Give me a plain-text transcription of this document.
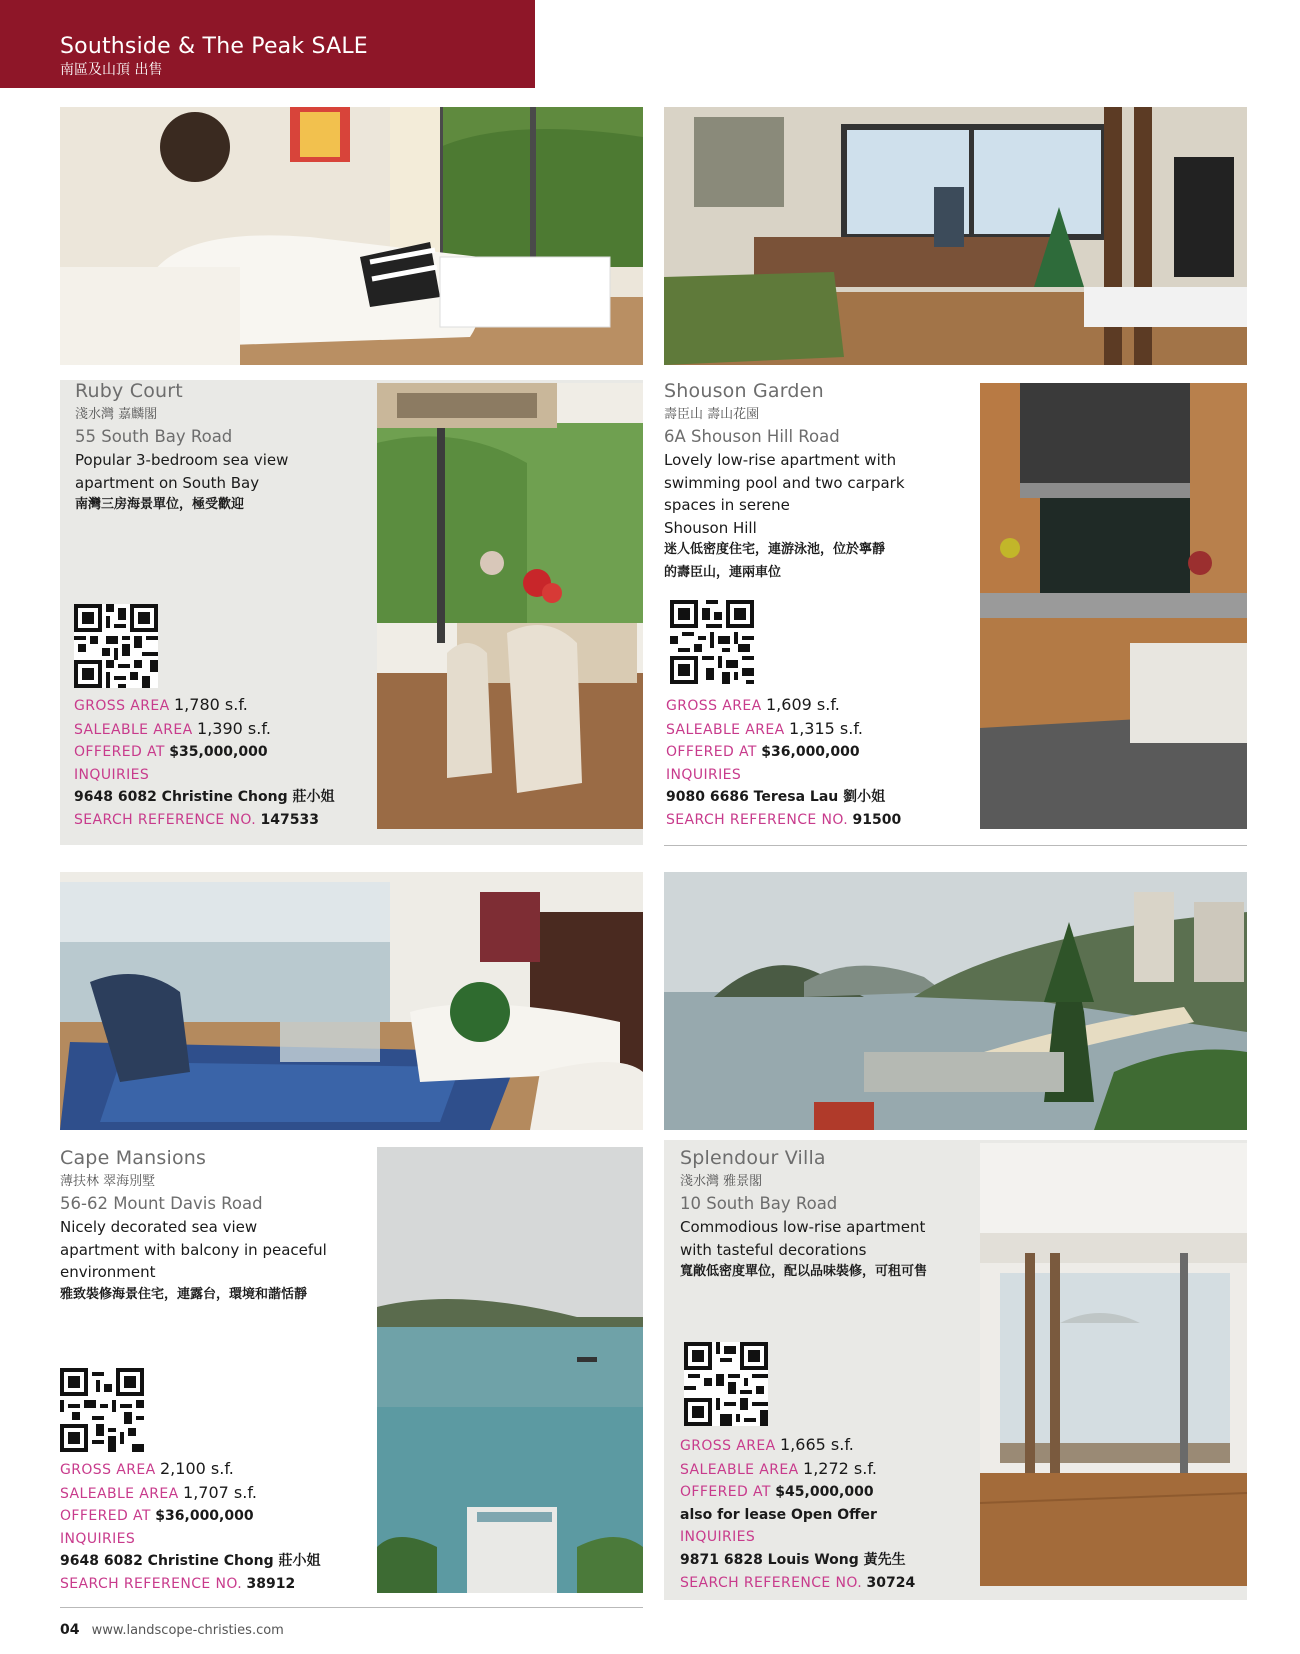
Southside & The Peak SALE
南區及山頂 出售
Ruby Court
淺水灣 嘉麟閣
55 South Bay Road
Popular 3-bedroom sea view
apartment on South Bay
南灣三房海景單位，極受歡迎
GROSS AREA 1,780 s.f.
SALEABLE AREA 1,390 s.f.
OFFERED AT $35,000,000
INQUIRIES
9648 6082 Christine Chong 莊小姐
SEARCH REFERENCE NO. 147533
Shouson Garden
壽臣山 壽山花園
6A Shouson Hill Road
Lovely low-rise apartment with
swimming pool and two carpark
spaces in serene
Shouson Hill
迷人低密度住宅，連游泳池，位於寧靜
的壽臣山，連兩車位
GROSS AREA 1,609 s.f.
SALEABLE AREA 1,315 s.f.
OFFERED AT $36,000,000
INQUIRIES
9080 6686 Teresa Lau 劉小姐
SEARCH REFERENCE NO. 91500
Cape Mansions
薄扶林 翠海別墅
56-62 Mount Davis Road
Nicely decorated sea view
apartment with balcony in peaceful
environment
雅致裝修海景住宅，連露台，環境和諧恬靜
GROSS AREA 2,100 s.f.
SALEABLE AREA 1,707 s.f.
OFFERED AT $36,000,000
INQUIRIES
9648 6082 Christine Chong 莊小姐
SEARCH REFERENCE NO. 38912
Splendour Villa
淺水灣 雅景閣
10 South Bay Road
Commodious low-rise apartment
with tasteful decorations
寬敞低密度單位，配以品味裝修，可租可售
GROSS AREA 1,665 s.f.
SALEABLE AREA 1,272 s.f.
OFFERED AT $45,000,000
also for lease Open Offer
INQUIRIES
9871 6828 Louis Wong 黃先生
SEARCH REFERENCE NO. 30724
04 www.landscope-christies.com
